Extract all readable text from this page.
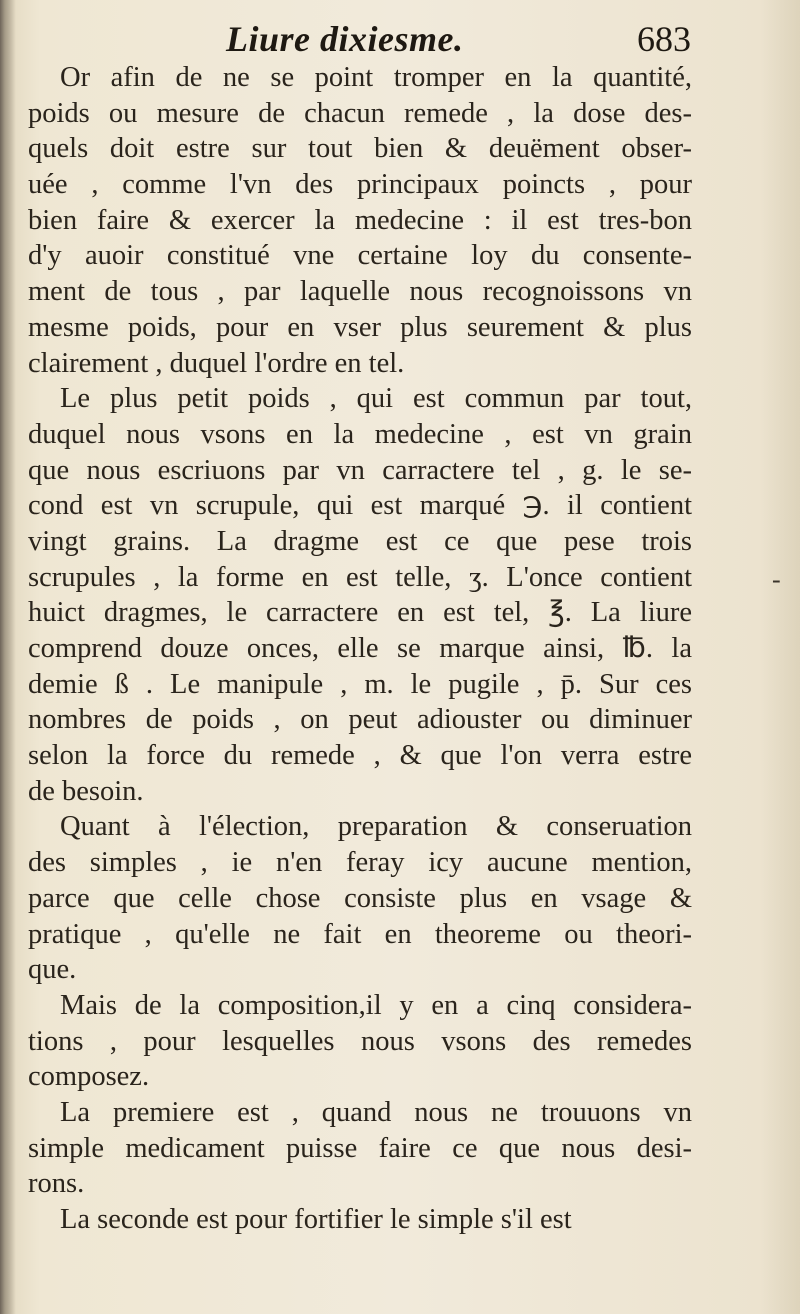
Liure dixiesme.	683
-
Or afin de ne se point tromper en la quantité,
poids ou mesure de chacun remede , la dose des-
quels doit estre sur tout bien & deuëment obser-
uée , comme l'vn des principaux poincts , pour
bien faire & exercer la medecine : il est tres-bon
d'y auoir constitué vne certaine loy du consente-
ment de tous , par laquelle nous recognoissons vn
mesme poids, pour en vser plus seurement & plus
clairement , duquel l'ordre en tel.
Le plus petit poids , qui est commun par tout,
duquel nous vsons en la medecine , est vn grain
que nous escriuons par vn carractere tel , g. le se-
cond est vn scrupule, qui est marqué ℈. il contient
vingt grains. La dragme est ce que pese trois
scrupules , la forme en est telle, ʒ. L'once contient
huict dragmes, le carractere en est tel, ℥. La liure
comprend douze onces, elle se marque ainsi, ℔. la
demie ß . Le manipule , m. le pugile , p̄. Sur ces
nombres de poids , on peut adiouster ou diminuer
selon la force du remede , & que l'on verra estre
de besoin.
Quant à l'élection, preparation & conseruation
des simples , ie n'en feray icy aucune mention,
parce que celle chose consiste plus en vsage &
pratique , qu'elle ne fait en theoreme ou theori-
que.
Mais de la composition,il y en a cinq considera-
tions , pour lesquelles nous vsons des remedes
composez.
La premiere est , quand nous ne trouuons vn
simple medicament puisse faire ce que nous desi-
rons.
La seconde est pour fortifier le simple s'il est
